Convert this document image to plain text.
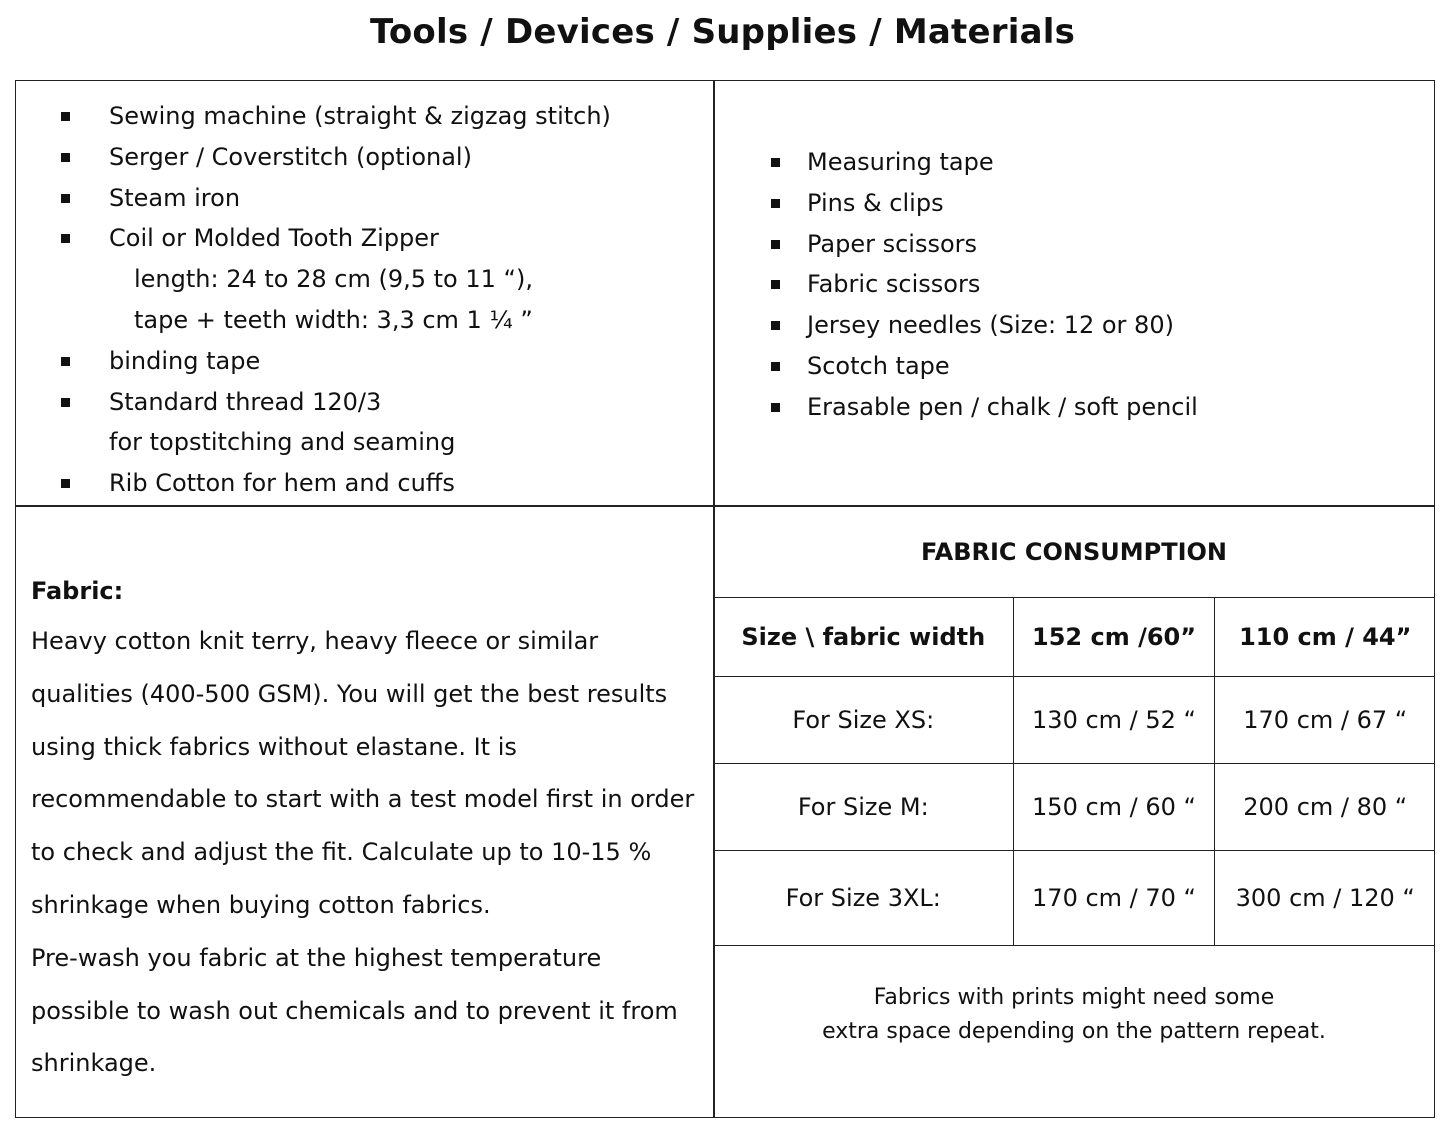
Tools / Devices / Supplies / Materials
Sewing machine (straight & zigzag stitch)
Serger / Coverstitch (optional)
Steam iron
Coil or Molded Tooth Zipper
length: 24 to 28 cm (9,5 to 11 “),
tape + teeth width: 3,3 cm 1 ¼ ”
binding tape
Standard thread 120/3
for topstitching and seaming
Rib Cotton for hem and cuffs
Measuring tape
Pins & clips
Paper scissors
Fabric scissors
Jersey needles (Size: 12 or 80)
Scotch tape
Erasable pen / chalk / soft pencil
Fabric:

Heavy cotton knit terry, heavy fleece or similar qualities (400-500 GSM). You will get the best results using thick fabrics without elastane. It is recommendable to start with a test model first in order to check and adjust the fit. Calculate up to 10-15 % shrinkage when buying cotton fabrics.

Pre-wash you fabric at the highest temperature possible to wash out chemicals and to prevent it from shrinkage.

FABRIC CONSUMPTION
Size \ fabric width	152 cm /60”	110 cm / 44”
For Size XS:	130 cm / 52 “	170 cm / 67 “
For Size M:	150 cm / 60 “	200 cm / 80 “
For Size 3XL:	170 cm / 70 “	300 cm / 120 “
Fabrics with prints might need some
extra space depending on the pattern repeat.
